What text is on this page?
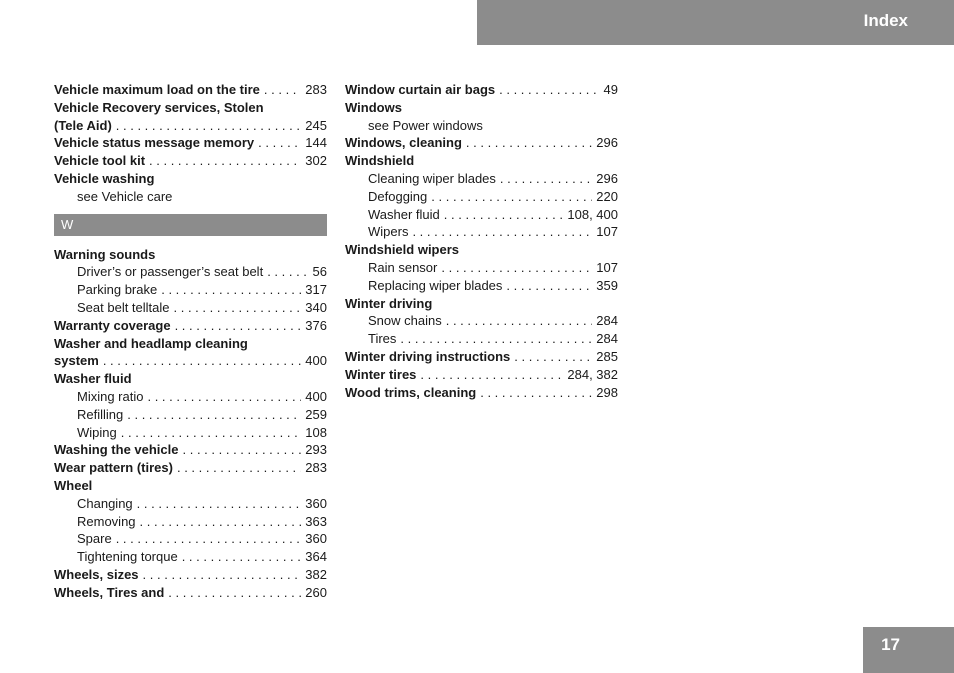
Index
Vehicle maximum load on the tire . . .	283
Vehicle Recovery services, Stolen
(Tele Aid) . . .	245
Vehicle status message memory . . .	144
Vehicle tool kit . . .	302
Vehicle washing
see Vehicle care
W
Warning sounds
Driver’s or passenger’s seat belt . . .	56
Parking brake . . .	317
Seat belt telltale . . .	340
Warranty coverage . . .	376
Washer and headlamp cleaning
system . . .	400
Washer fluid
Mixing ratio . . .	400
Refilling . . .	259
Wiping . . .	108
Washing the vehicle . . .	293
Wear pattern (tires) . . .	283
Wheel
Changing . . .	360
Removing . . .	363
Spare . . .	360
Tightening torque . . .	364
Wheels, sizes . . .	382
Wheels, Tires and . . .	260
Window curtain air bags . . .	49
Windows
see Power windows
Windows, cleaning . . .	296
Windshield
Cleaning wiper blades . . .	296
Defogging . . .	220
Washer fluid . . .	108, 400
Wipers . . .	107
Windshield wipers
Rain sensor . . .	107
Replacing wiper blades . . .	359
Winter driving
Snow chains . . .	284
Tires . . .	284
Winter driving instructions . . .	285
Winter tires . . .	284, 382
Wood trims, cleaning . . .	298
17
